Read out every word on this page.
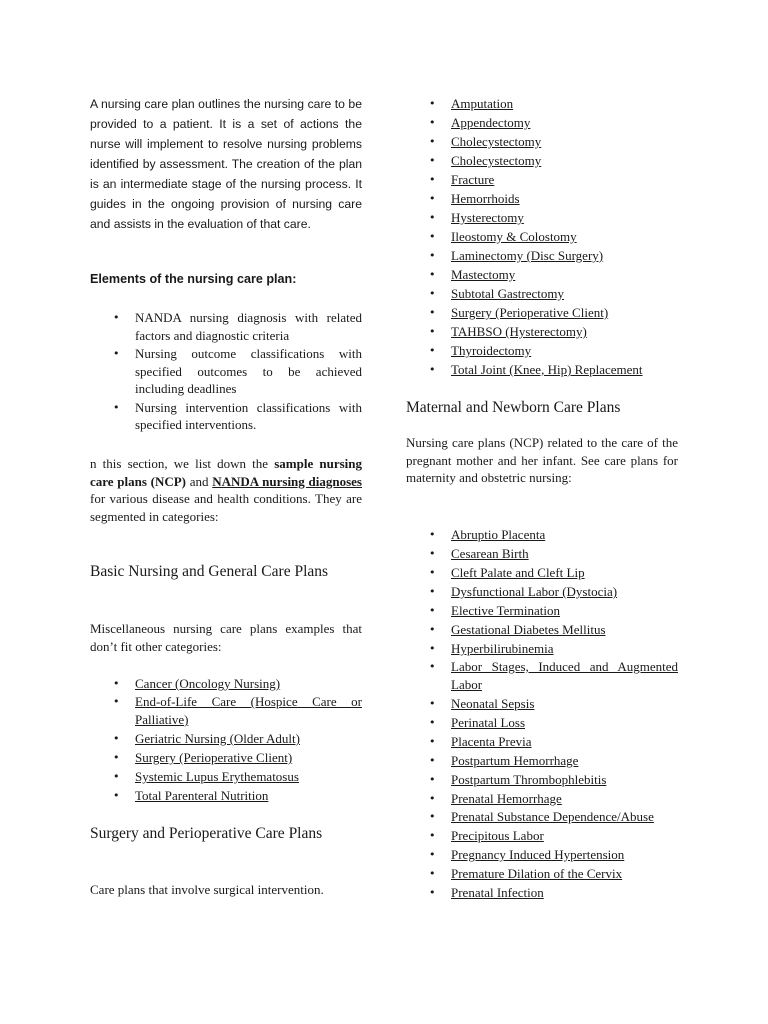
A nursing care plan outlines the nursing care to be provided to a patient. It is a set of actions the nurse will implement to resolve nursing problems identified by assessment. The creation of the plan is an intermediate stage of the nursing process. It guides in the ongoing provision of nursing care and assists in the evaluation of that care.

Elements of the nursing care plan:
• NANDA nursing diagnosis with related factors and diagnostic criteria
• Nursing outcome classifications with specified outcomes to be achieved including deadlines
• Nursing intervention classifications with specified interventions.

n this section, we list down the sample nursing care plans (NCP) and NANDA nursing diagnoses for various disease and health conditions. They are segmented in categories:

Basic Nursing and General Care Plans

Miscellaneous nursing care plans examples that don’t fit other categories:

• Cancer (Oncology Nursing)
• End-of-Life Care (Hospice Care or Palliative)
• Geriatric Nursing (Older Adult)
• Surgery (Perioperative Client)
• Systemic Lupus Erythematosus
• Total Parenteral Nutrition
Surgery and Perioperative Care Plans

Care plans that involve surgical intervention.

• Amputation
• Appendectomy
• Cholecystectomy
• Cholecystectomy
• Fracture
• Hemorrhoids
• Hysterectomy
• Ileostomy & Colostomy
• Laminectomy (Disc Surgery)
• Mastectomy
• Subtotal Gastrectomy
• Surgery (Perioperative Client)
• TAHBSO (Hysterectomy)
• Thyroidectomy
• Total Joint (Knee, Hip) Replacement
Maternal and Newborn Care Plans

Nursing care plans (NCP) related to the care of the pregnant mother and her infant. See care plans for maternity and obstetric nursing:

• Abruptio Placenta
• Cesarean Birth
• Cleft Palate and Cleft Lip
• Dysfunctional Labor (Dystocia)
• Elective Termination
• Gestational Diabetes Mellitus
• Hyperbilirubinemia
• Labor Stages, Induced and Augmented Labor
• Neonatal Sepsis
• Perinatal Loss
• Placenta Previa
• Postpartum Hemorrhage
• Postpartum Thrombophlebitis
• Prenatal Hemorrhage
• Prenatal Substance Dependence/Abuse
• Precipitous Labor
• Pregnancy Induced Hypertension
• Premature Dilation of the Cervix
• Prenatal Infection
